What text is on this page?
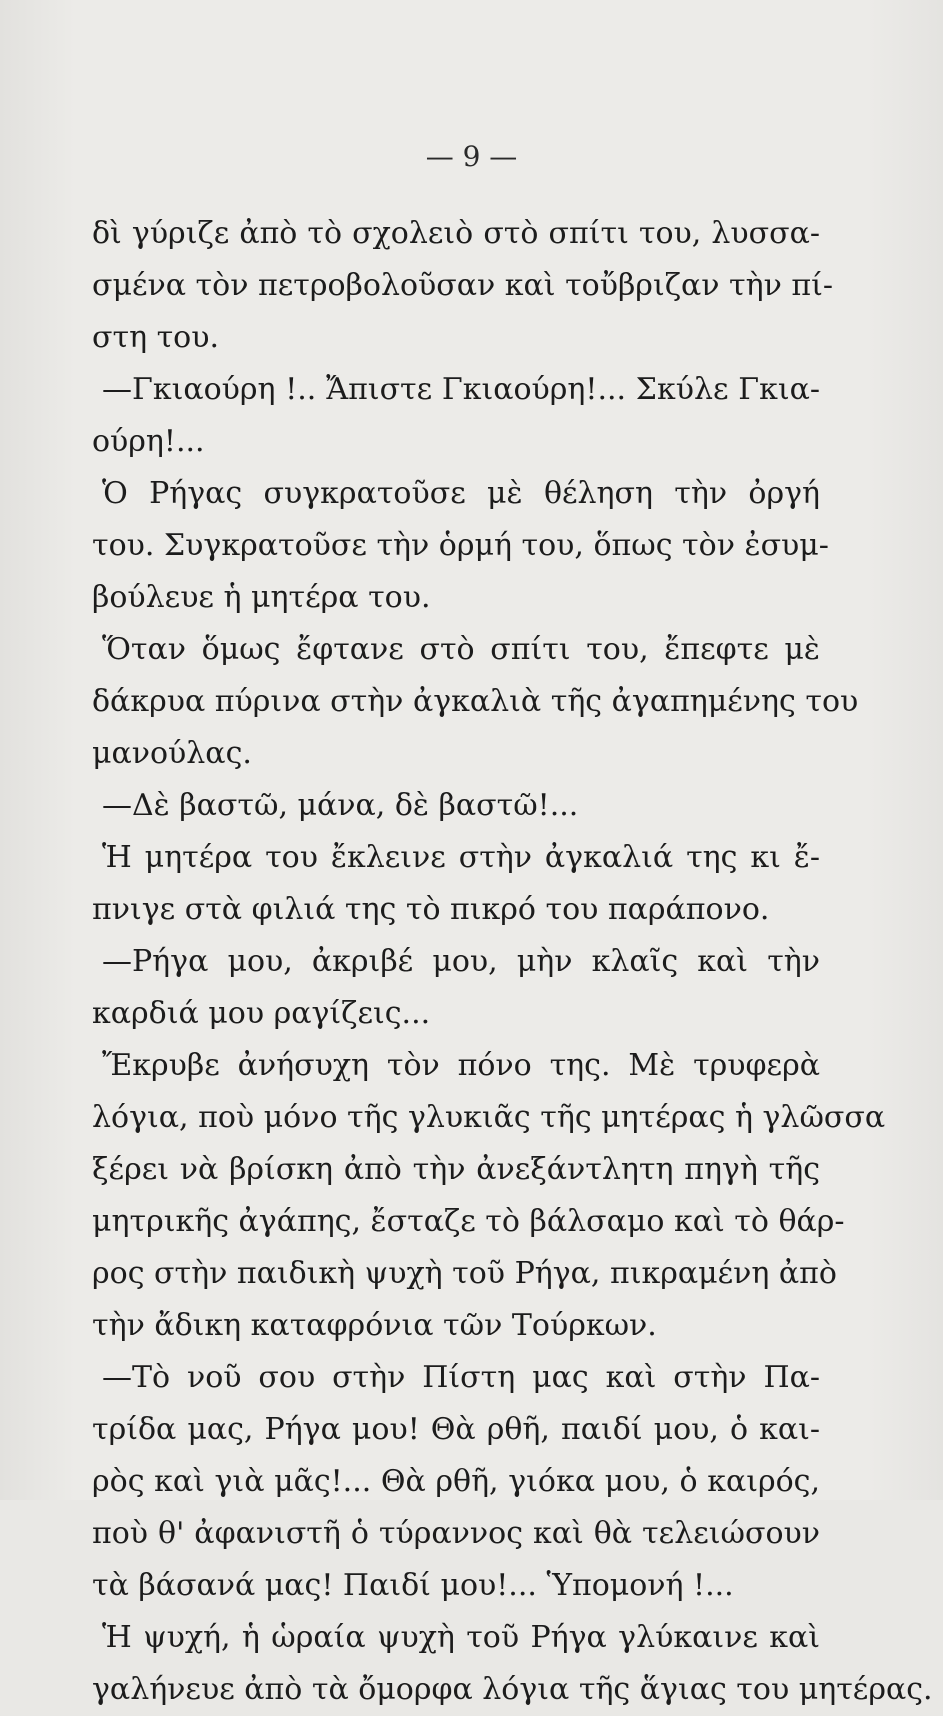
— 9 —
δὶ γύριζε ἀπὸ τὸ σχολειὸ στὸ σπίτι του, λυσσα-
σμένα τὸν πετροβολοῦσαν καὶ τοὔβριζαν τὴν πί-
στη του.
—Γκιαούρη !.. Ἄπιστε Γκιαούρη!... Σκύλε Γκια-
ούρη!...
Ὁ Ρήγας συγκρατοῦσε μὲ θέληση τὴν ὀργή
του. Συγκρατοῦσε τὴν ὁρμή του, ὅπως τὸν ἐσυμ-
βούλευε ἡ μητέρα του.
Ὅταν ὅμως ἔφτανε στὸ σπίτι του, ἔπεφτε μὲ
δάκρυα πύρινα στὴν ἀγκαλιὰ τῆς ἀγαπημένης του
μανούλας.
—Δὲ βαστῶ, μάνα, δὲ βαστῶ!...
Ἡ μητέρα του ἔκλεινε στὴν ἀγκαλιά της κι ἔ-
πνιγε στὰ φιλιά της τὸ πικρό του παράπονο.
—Ρήγα μου, ἀκριβέ μου, μὴν κλαῖς καὶ τὴν
καρδιά μου ραγίζεις...
Ἔκρυβε ἀνήσυχη τὸν πόνο της. Μὲ τρυφερὰ
λόγια, ποὺ μόνο τῆς γλυκιᾶς τῆς μητέρας ἡ γλῶσσα
ξέρει νὰ βρίσκη ἀπὸ τὴν ἀνεξάντλητη πηγὴ τῆς
μητρικῆς ἀγάπης, ἔσταζε τὸ βάλσαμο καὶ τὸ θάρ-
ρος στὴν παιδικὴ ψυχὴ τοῦ Ρήγα, πικραμένη ἀπὸ
τὴν ἄδικη καταφρόνια τῶν Τούρκων.
—Τὸ νοῦ σου στὴν Πίστη μας καὶ στὴν Πα-
τρίδα μας, Ρήγα μου! Θὰ ρθῆ, παιδί μου, ὁ και-
ρὸς καὶ γιὰ μᾶς!... Θὰ ρθῆ, γιόκα μου, ὁ καιρός,
ποὺ θ' ἀφανιστῆ ὁ τύραννος καὶ θὰ τελειώσουν
τὰ βάσανά μας! Παιδί μου!... Ὑπομονή !...
Ἡ ψυχή, ἡ ὡραία ψυχὴ τοῦ Ρήγα γλύκαινε καὶ
γαλήνευε ἀπὸ τὰ ὄμορφα λόγια τῆς ἅγιας του μητέρας.
